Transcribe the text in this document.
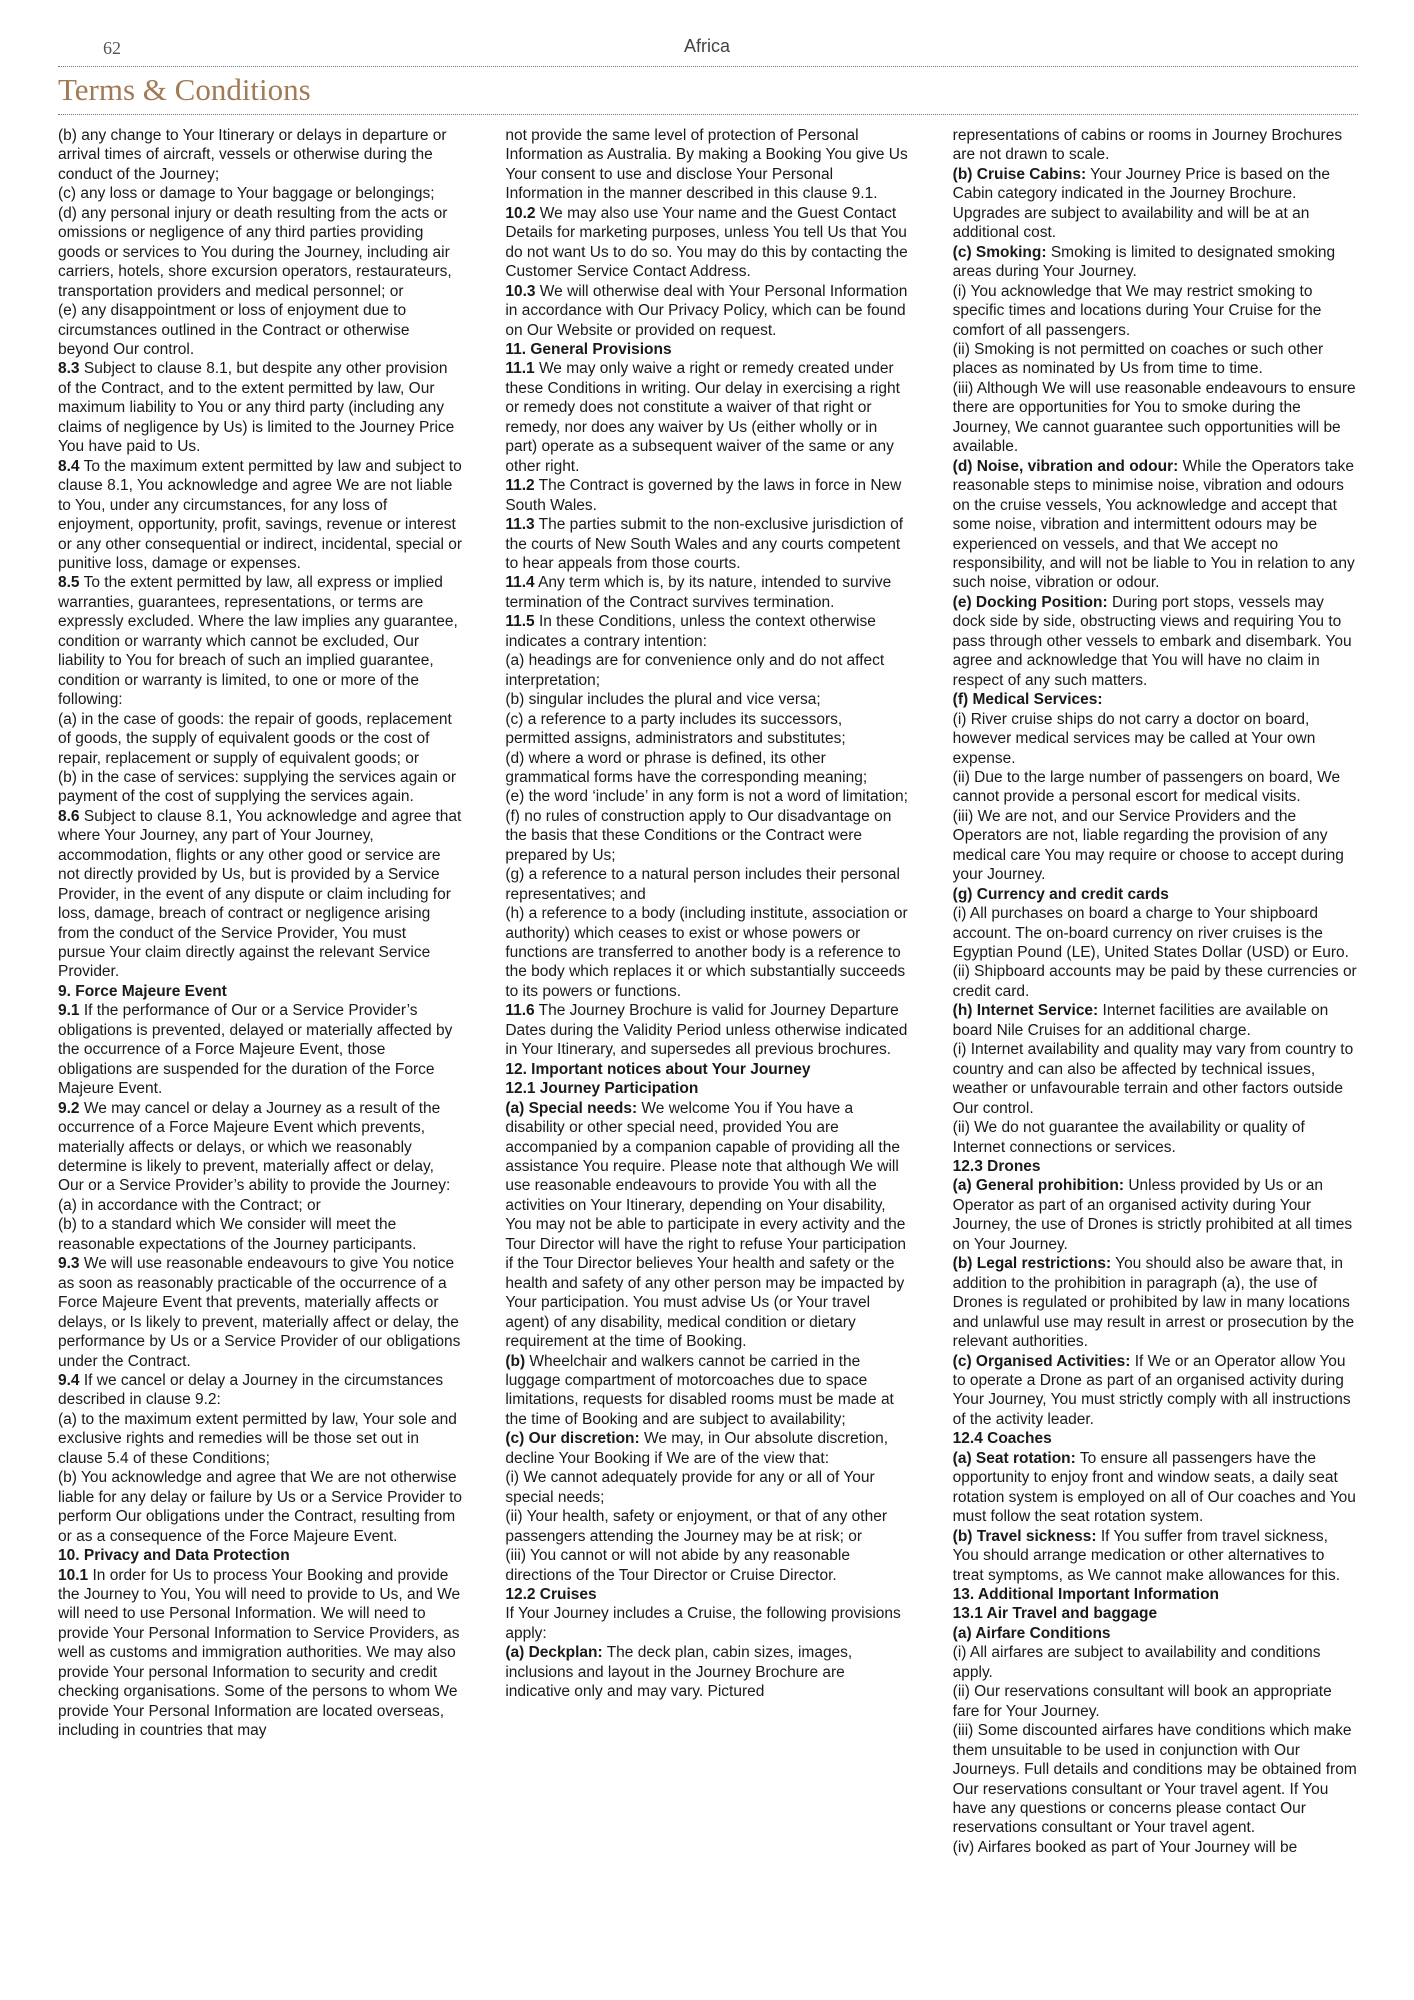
62	Africa
Terms & Conditions

(b) any change to Your Itinerary or delays in departure or arrival times of aircraft, vessels or otherwise during the conduct of the Journey;

(c) any loss or damage to Your baggage or belongings;

(d) any personal injury or death resulting from the acts or omissions or negligence of any third parties providing goods or services to You during the Journey, including air carriers, hotels, shore excursion operators, restaurateurs, transportation providers and medical personnel; or

(e) any disappointment or loss of enjoyment due to circumstances outlined in the Contract or otherwise beyond Our control.

8.3 Subject to clause 8.1, but despite any other provision of the Contract, and to the extent permitted by law, Our maximum liability to You or any third party (including any claims of negligence by Us) is limited to the Journey Price You have paid to Us.

8.4 To the maximum extent permitted by law and subject to clause 8.1, You acknowledge and agree We are not liable to You, under any circumstances, for any loss of enjoyment, opportunity, profit, savings, revenue or interest or any other consequential or indirect, incidental, special or punitive loss, damage or expenses.

8.5 To the extent permitted by law, all express or implied warranties, guarantees, representations, or terms are expressly excluded. Where the law implies any guarantee, condition or warranty which cannot be excluded, Our liability to You for breach of such an implied guarantee, condition or warranty is limited, to one or more of the following:

(a) in the case of goods: the repair of goods, replacement of goods, the supply of equivalent goods or the cost of repair, replacement or supply of equivalent goods; or

(b) in the case of services: supplying the services again or payment of the cost of supplying the services again.

8.6 Subject to clause 8.1, You acknowledge and agree that where Your Journey, any part of Your Journey, accommodation, flights or any other good or service are not directly provided by Us, but is provided by a Service Provider, in the event of any dispute or claim including for loss, damage, breach of contract or negligence arising from the conduct of the Service Provider, You must

pursue Your claim directly against the relevant Service Provider.

9. Force Majeure Event

9.1 If the performance of Our or a Service Provider’s obligations is prevented, delayed or materially affected by the occurrence of a Force Majeure Event, those obligations are suspended for the duration of the Force Majeure Event.

9.2 We may cancel or delay a Journey as a result of the occurrence of a Force Majeure Event which prevents, materially affects or delays, or which we reasonably determine is likely to prevent, materially affect or delay, Our or a Service Provider’s ability to provide the Journey:

(a) in accordance with the Contract; or

(b) to a standard which We consider will meet the reasonable expectations of the Journey participants.

9.3 We will use reasonable endeavours to give You notice as soon as reasonably practicable of the occurrence of a Force Majeure Event that prevents, materially affects or delays, or Is likely to prevent, materially affect or delay, the performance by Us or a Service Provider of our obligations under the Contract.

9.4 If we cancel or delay a Journey in the circumstances described in clause 9.2:

(a) to the maximum extent permitted by law, Your sole and exclusive rights and remedies will be those set out in clause 5.4 of these Conditions;

(b) You acknowledge and agree that We are not otherwise liable for any delay or failure by Us or a Service Provider to perform Our obligations under the Contract, resulting from or as a consequence of the Force Majeure Event.

10. Privacy and Data Protection

10.1 In order for Us to process Your Booking and provide the Journey to You, You will need to provide to Us, and We will need to use Personal Information. We will need to provide Your Personal Information to Service Providers, as well as customs and immigration authorities. We may also provide Your personal Information to security and credit checking organisations. Some of the persons to whom We provide Your Personal Information are located overseas, including in countries that may

not provide the same level of protection of Personal Information as Australia. By making a Booking You give Us Your consent to use and disclose Your Personal Information in the manner described in this clause 9.1.

10.2 We may also use Your name and the Guest Contact Details for marketing purposes, unless You tell Us that You do not want Us to do so. You may do this by contacting the Customer Service Contact Address.

10.3 We will otherwise deal with Your Personal Information in accordance with Our Privacy Policy, which can be found on Our Website or provided on request.

11. General Provisions

11.1 We may only waive a right or remedy created under these Conditions in writing. Our delay in exercising a right or remedy does not constitute a waiver of that right or remedy, nor does any waiver by Us (either wholly or in part) operate as a subsequent waiver of the same or any other right.

11.2 The Contract is governed by the laws in force in New South Wales.

11.3 The parties submit to the non-exclusive jurisdiction of the courts of New South Wales and any courts competent to hear appeals from those courts.

11.4 Any term which is, by its nature, intended to survive termination of the Contract survives termination.

11.5 In these Conditions, unless the context otherwise indicates a contrary intention:

(a) headings are for convenience only and do not affect interpretation;

(b) singular includes the plural and vice versa;

(c) a reference to a party includes its successors, permitted assigns, administrators and substitutes;

(d) where a word or phrase is defined, its other grammatical forms have the corresponding meaning;

(e) the word ‘include’ in any form is not a word of limitation;

(f) no rules of construction apply to Our disadvantage on the basis that these Conditions or the Contract were prepared by Us;

(g) a reference to a natural person includes their personal representatives; and

(h) a reference to a body (including institute, association or authority) which ceases to exist or whose powers or functions are transferred to another body is a reference to the body which replaces it or which substantially succeeds to its powers or functions.

11.6 The Journey Brochure is valid for Journey Departure Dates during the Validity Period unless otherwise indicated in Your Itinerary, and supersedes all previous brochures.

12. Important notices about Your Journey

12.1 Journey Participation

(a) Special needs: We welcome You if You have a disability or other special need, provided You are accompanied by a companion capable of providing all the assistance You require. Please note that although We will use reasonable endeavours to provide You with all the activities on Your Itinerary, depending on Your disability, You may not be able to participate in every activity and the Tour Director will have the right to refuse Your participation if the Tour Director believes Your health and safety or the health and safety of any other person may be impacted by Your participation. You must advise Us (or Your travel agent) of any disability, medical condition or dietary requirement at the time of Booking.

(b) Wheelchair and walkers cannot be carried in the luggage compartment of motorcoaches due to space limitations, requests for disabled rooms must be made at the time of Booking and are subject to availability;

(c) Our discretion: We may, in Our absolute discretion, decline Your Booking if We are of the view that:

(i) We cannot adequately provide for any or all of Your special needs;

(ii) Your health, safety or enjoyment, or that of any other passengers attending the Journey may be at risk; or

(iii) You cannot or will not abide by any reasonable directions of the Tour Director or Cruise Director.

12.2 Cruises

If Your Journey includes a Cruise, the following provisions apply:

(a) Deckplan: The deck plan, cabin sizes, images, inclusions and layout in the Journey Brochure are indicative only and may vary. Pictured

representations of cabins or rooms in Journey Brochures are not drawn to scale.

(b) Cruise Cabins: Your Journey Price is based on the Cabin category indicated in the Journey Brochure. Upgrades are subject to availability and will be at an additional cost.

(c) Smoking: Smoking is limited to designated smoking areas during Your Journey.

(i) You acknowledge that We may restrict smoking to specific times and locations during Your Cruise for the comfort of all passengers.

(ii) Smoking is not permitted on coaches or such other places as nominated by Us from time to time.

(iii) Although We will use reasonable endeavours to ensure there are opportunities for You to smoke during the Journey, We cannot guarantee such opportunities will be available.

(d) Noise, vibration and odour: While the Operators take reasonable steps to minimise noise, vibration and odours on the cruise vessels, You acknowledge and accept that some noise, vibration and intermittent odours may be experienced on vessels, and that We accept no responsibility, and will not be liable to You in relation to any such noise, vibration or odour.

(e) Docking Position: During port stops, vessels may dock side by side, obstructing views and requiring You to pass through other vessels to embark and disembark. You agree and acknowledge that You will have no claim in respect of any such matters.

(f) Medical Services:

(i) River cruise ships do not carry a doctor on board, however medical services may be called at Your own expense.

(ii) Due to the large number of passengers on board, We cannot provide a personal escort for medical visits.

(iii) We are not, and our Service Providers and the Operators are not, liable regarding the provision of any medical care You may require or choose to accept during your Journey.

(g) Currency and credit cards

(i) All purchases on board a charge to Your shipboard account. The on-board currency on river cruises is the Egyptian Pound (LE), United States Dollar (USD) or Euro.

(ii) Shipboard accounts may be paid by these currencies or credit card.

(h) Internet Service: Internet facilities are available on board Nile Cruises for an additional charge.

(i) Internet availability and quality may vary from country to country and can also be affected by technical issues, weather or unfavourable terrain and other factors outside Our control.

(ii) We do not guarantee the availability or quality of Internet connections or services.

12.3 Drones

(a) General prohibition: Unless provided by Us or an Operator as part of an organised activity during Your Journey, the use of Drones is strictly prohibited at all times on Your Journey.

(b) Legal restrictions: You should also be aware that, in addition to the prohibition in paragraph (a), the use of Drones is regulated or prohibited by law in many locations and unlawful use may result in arrest or prosecution by the relevant authorities.

(c) Organised Activities: If We or an Operator allow You to operate a Drone as part of an organised activity during Your Journey, You must strictly comply with all instructions of the activity leader.

12.4 Coaches

(a) Seat rotation: To ensure all passengers have the opportunity to enjoy front and window seats, a daily seat rotation system is employed on all of Our coaches and You must follow the seat rotation system.

(b) Travel sickness: If You suffer from travel sickness, You should arrange medication or other alternatives to treat symptoms, as We cannot make allowances for this.

13. Additional Important Information

13.1 Air Travel and baggage

(a) Airfare Conditions

(i) All airfares are subject to availability and conditions apply.

(ii) Our reservations consultant will book an appropriate fare for Your Journey.

(iii) Some discounted airfares have conditions which make them unsuitable to be used in conjunction with Our Journeys. Full details and conditions may be obtained from Our reservations consultant or Your travel agent. If You have any questions or concerns please contact Our reservations consultant or Your travel agent.

(iv) Airfares booked as part of Your Journey will be
